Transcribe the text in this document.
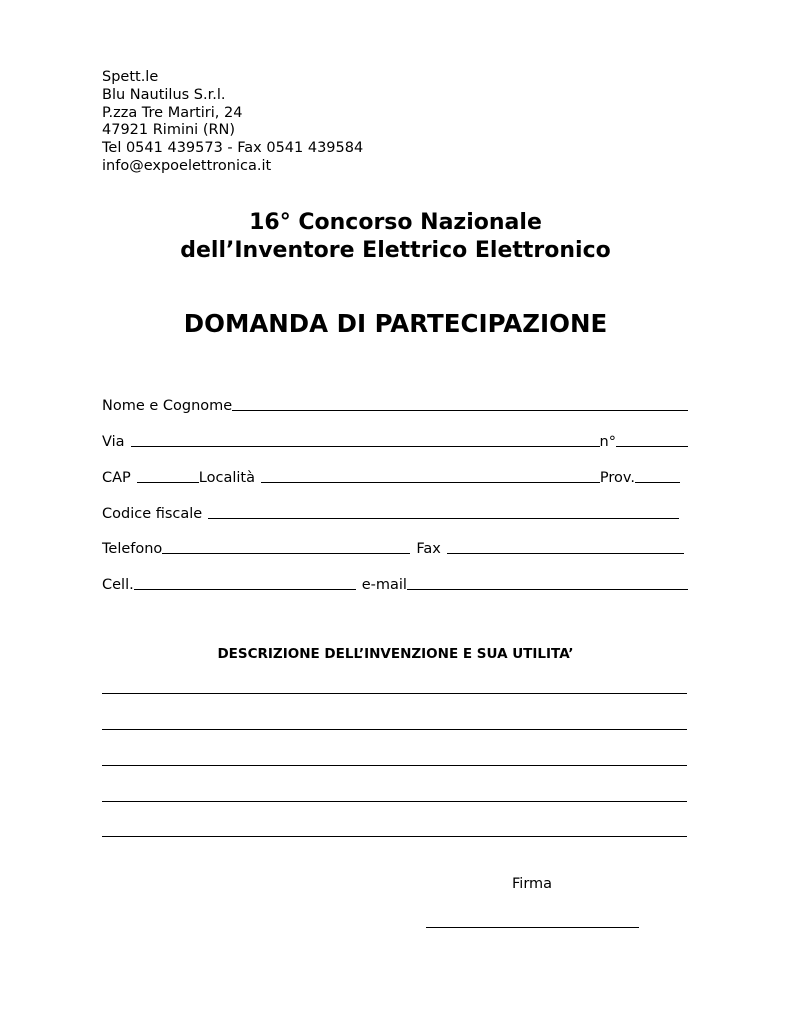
Spett.le
Blu Nautilus S.r.l.
P.zza Tre Martiri, 24
47921 Rimini (RN)
Tel 0541 439573 - Fax 0541 439584
info@expoelettronica.it
16° Concorso Nazionale
dell’Inventore Elettrico Elettronico
DOMANDA DI PARTECIPAZIONE
Nome e Cognome
Via	n°
CAP	Località	Prov.
Codice fiscale
Telefono	Fax
Cell.	e-mail
DESCRIZIONE DELL’INVENZIONE E SUA UTILITA’
Firma
